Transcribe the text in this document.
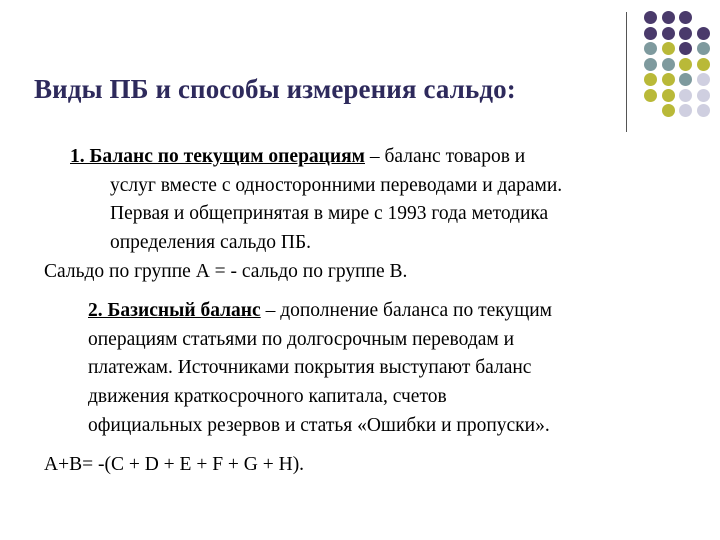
Виды ПБ и способы измерения сальдо:
1. Баланс по текущим операциям – баланс товаров и
услуг вместе с односторонними переводами и дарами.
Первая и общепринятая в мире с 1993 года методика
определения сальдо ПБ.
Сальдо по группе А = - сальдо по группе В.
2. Базисный баланс – дополнение баланса по текущим
операциям статьями по долгосрочным переводам и
платежам. Источниками покрытия выступают баланс
движения краткосрочного капитала, счетов
официальных резервов и статья «Ошибки и пропуски».
А+В= -(С + D + E + F + G + H).
